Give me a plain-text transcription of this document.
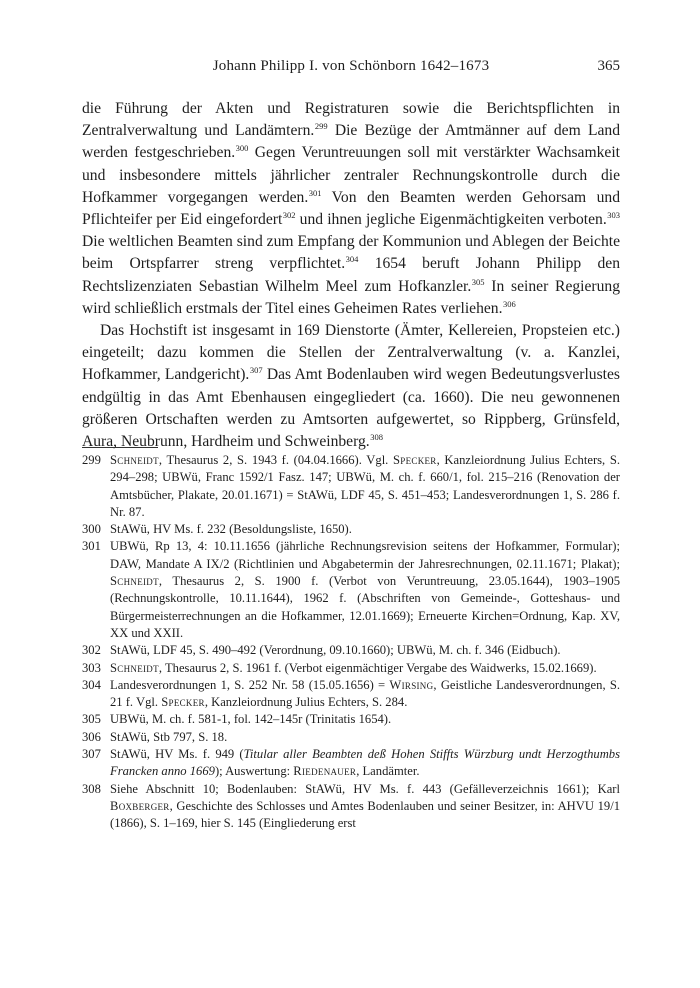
Johann Philipp I. von Schönborn 1642–1673	365

die Führung der Akten und Registraturen sowie die Berichtspflichten in Zentralverwaltung und Landämtern.$^{299}$ Die Bezüge der Amtmänner auf dem Land werden festgeschrieben.$^{300}$ Gegen Veruntreuungen soll mit verstärkter Wachsamkeit und insbesondere mittels jährlicher zentraler Rechnungskontrolle durch die Hofkammer vorgegangen werden.$^{301}$ Von den Beamten werden Gehorsam und Pflichteifer per Eid eingefordert$^{302}$ und ihnen jegliche Eigenmächtigkeiten verboten.$^{303}$ Die weltlichen Beamten sind zum Empfang der Kommunion und Ablegen der Beichte beim Ortspfarrer streng verpflichtet.$^{304}$ 1654 beruft Johann Philipp den Rechtslizenziaten Sebastian Wilhelm Meel zum Hofkanzler.$^{305}$ In seiner Regierung wird schließlich erstmals der Titel eines Geheimen Rates verliehen.$^{306}$

Das Hochstift ist insgesamt in 169 Dienstorte (Ämter, Kellereien, Propsteien etc.) eingeteilt; dazu kommen die Stellen der Zentralverwaltung (v. a. Kanzlei, Hofkammer, Landgericht).$^{307}$ Das Amt Bodenlauben wird wegen Bedeutungsverlustes endgültig in das Amt Ebenhausen eingegliedert (ca. 1660). Die neu gewonnenen größeren Ortschaften werden zu Amtsorten aufgewertet, so Rippberg, Grünsfeld, Aura, Neubrunn, Hardheim und Schweinberg.$^{308}$

299 Schneidt, Thesaurus 2, S. 1943 f. (04.04.1666). Vgl. Specker, Kanzleiordnung Julius Echters, S. 294–298; UBWü, Franc 1592/1 Fasz. 147; UBWü, M. ch. f. 660/1, fol. 215–216 (Renovation der Amtsbücher, Plakate, 20.01.1671) = StAWü, LDF 45, S. 451–453; Landesverordnungen 1, S. 286 f. Nr. 87.
300 StAWü, HV Ms. f. 232 (Besoldungsliste, 1650).
301 UBWü, Rp 13, 4: 10.11.1656 (jährliche Rechnungsrevision seitens der Hofkammer, Formular); DAW, Mandate A IX/2 (Richtlinien und Abgabetermin der Jahresrechnungen, 02.11.1671; Plakat); Schneidt, Thesaurus 2, S. 1900 f. (Verbot von Veruntreuung, 23.05.1644), 1903–1905 (Rechnungskontrolle, 10.11.1644), 1962 f. (Abschriften von Gemeinde-, Gotteshaus- und Bürgermeisterrechnungen an die Hofkammer, 12.01.1669); Erneuerte Kirchen=Ordnung, Kap. XV, XX und XXII.
302 StAWü, LDF 45, S. 490–492 (Verordnung, 09.10.1660); UBWü, M. ch. f. 346 (Eidbuch).
303 Schneidt, Thesaurus 2, S. 1961 f. (Verbot eigenmächtiger Vergabe des Waidwerks, 15.02.1669).
304 Landesverordnungen 1, S. 252 Nr. 58 (15.05.1656) = Wirsing, Geistliche Landesverordnungen, S. 21 f. Vgl. Specker, Kanzleiordnung Julius Echters, S. 284.
305 UBWü, M. ch. f. 581-1, fol. 142–145r (Trinitatis 1654).
306 StAWü, Stb 797, S. 18.
307 StAWü, HV Ms. f. 949 (Titular aller Beambten deß Hohen Stiffts Würzburg undt Herzogthumbs Francken anno 1669); Auswertung: Riedenauer, Landämter.
308 Siehe Abschnitt 10; Bodenlauben: StAWü, HV Ms. f. 443 (Gefälleverzeichnis 1661); Karl Boxberger, Geschichte des Schlosses und Amtes Bodenlauben und seiner Besitzer, in: AHVU 19/1 (1866), S. 1–169, hier S. 145 (Eingliederung erst
